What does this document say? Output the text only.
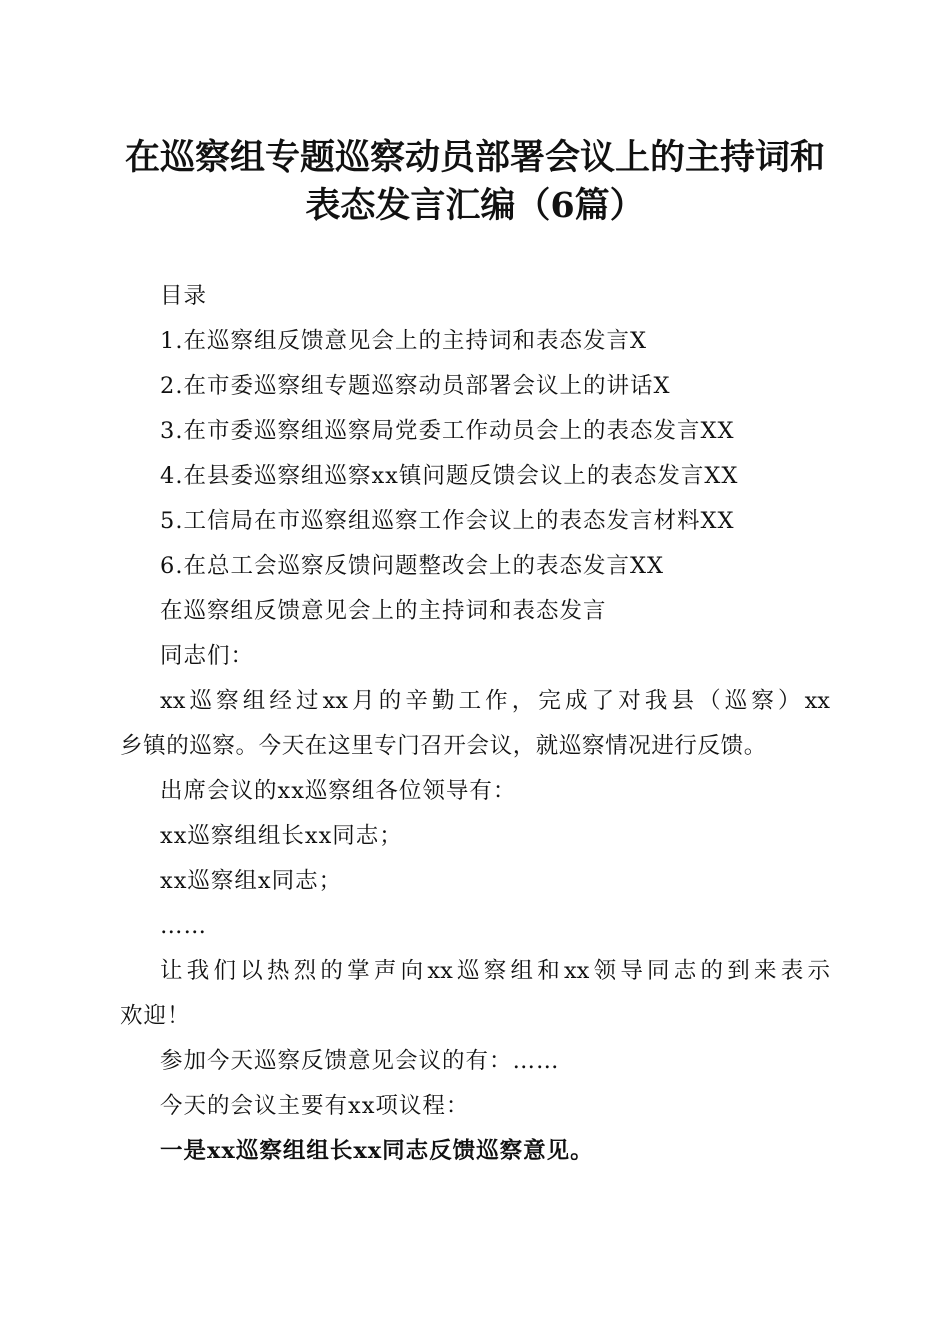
在巡察组专题巡察动员部署会议上的主持词和
表态发言汇编（6篇）
目录
1.在巡察组反馈意见会上的主持词和表态发言X
2.在市委巡察组专题巡察动员部署会议上的讲话X
3.在市委巡察组巡察局党委工作动员会上的表态发言XX
4.在县委巡察组巡察xx镇问题反馈会议上的表态发言XX
5.工信局在市巡察组巡察工作会议上的表态发言材料XX
6.在总工会巡察反馈问题整改会上的表态发言XX
在巡察组反馈意见会上的主持词和表态发言
同志们：
xx巡察组经过xx月的辛勤工作，完成了对我县（巡察）xx
乡镇的巡察。今天在这里专门召开会议，就巡察情况进行反馈。
出席会议的xx巡察组各位领导有：
xx巡察组组长xx同志；
xx巡察组x同志；
……
让我们以热烈的掌声向xx巡察组和xx领导同志的到来表示
欢迎！
参加今天巡察反馈意见会议的有：……
今天的会议主要有xx项议程：
一是xx巡察组组长xx同志反馈巡察意见。
